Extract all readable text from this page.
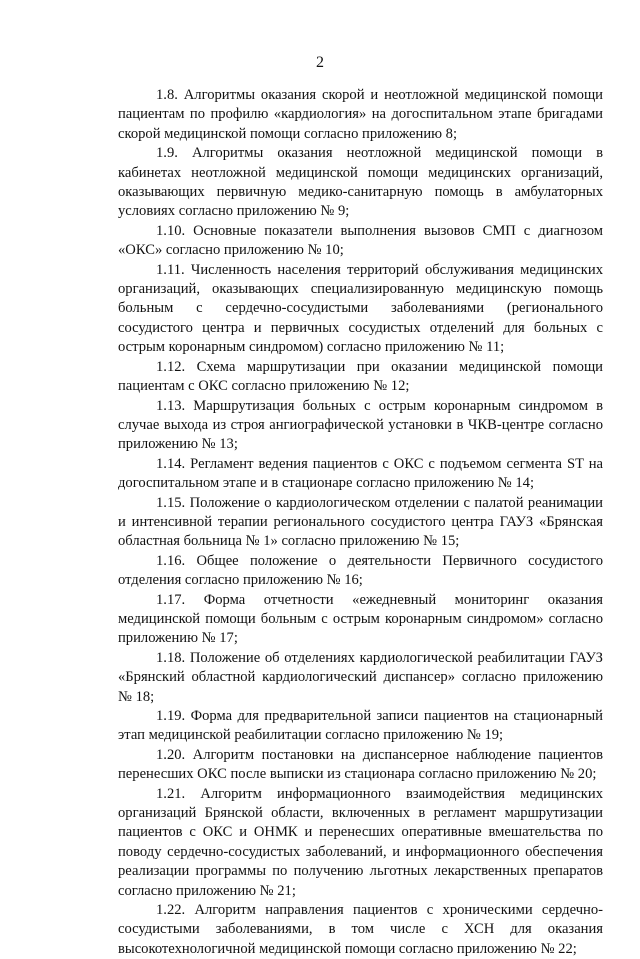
2

1.8. Алгоритмы оказания скорой и неотложной медицинской помощи пациентам по профилю «кардиология» на догоспитальном этапе бригадами скорой медицинской помощи согласно приложению 8;

1.9. Алгоритмы оказания неотложной медицинской помощи в кабинетах неотложной медицинской помощи медицинских организаций, оказывающих первичную медико-санитарную помощь в амбулаторных условиях согласно приложению № 9;

1.10. Основные показатели выполнения вызовов СМП с диагнозом «ОКС» согласно приложению № 10;

1.11. Численность населения территорий обслуживания медицинских организаций, оказывающих специализированную медицинскую помощь больным с сердечно-сосудистыми заболеваниями (регионального сосудистого центра и первичных сосудистых отделений для больных с острым коронарным синдромом) согласно приложению № 11;

1.12. Схема маршрутизации при оказании медицинской помощи пациентам с ОКС согласно приложению № 12;

1.13. Маршрутизация больных с острым коронарным синдромом в случае выхода из строя ангиографической установки в ЧКВ-центре согласно приложению № 13;

1.14. Регламент ведения пациентов с ОКС с подъемом сегмента ST на догоспитальном этапе и в стационаре согласно приложению № 14;

1.15. Положение о кардиологическом отделении с палатой реанимации и интенсивной терапии регионального сосудистого центра ГАУЗ «Брянская областная больница № 1» согласно приложению № 15;

1.16. Общее положение о деятельности Первичного сосудистого отделения согласно приложению № 16;

1.17. Форма отчетности «ежедневный мониторинг оказания медицинской помощи больным с острым коронарным синдромом» согласно приложению № 17;

1.18. Положение об отделениях кардиологической реабилитации ГАУЗ «Брянский областной кардиологический диспансер» согласно приложению № 18;

1.19. Форма для предварительной записи пациентов на стационарный этап медицинской реабилитации согласно приложению № 19;

1.20. Алгоритм постановки на диспансерное наблюдение пациентов перенесших ОКС после выписки из стационара согласно приложению № 20;

1.21. Алгоритм информационного взаимодействия медицинских организаций Брянской области, включенных в регламент маршрутизации пациентов с ОКС и ОНМК и перенесших оперативные вмешательства по поводу сердечно-сосудистых заболеваний, и информационного обеспечения реализации программы по получению льготных лекарственных препаратов согласно приложению № 21;

1.22. Алгоритм направления пациентов с хроническими сердечно-сосудистыми заболеваниями, в том числе с ХСН для оказания высокотехнологичной медицинской помощи согласно приложению № 22;
